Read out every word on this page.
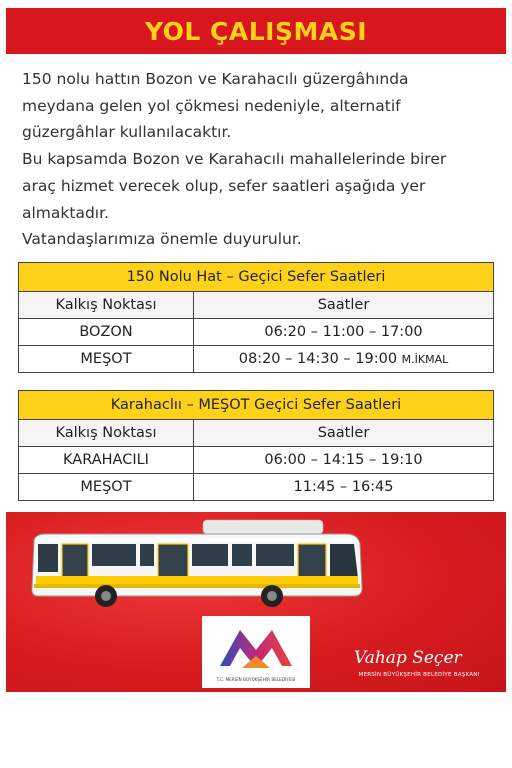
YOL ÇALIŞMASI

150 nolu hattın Bozon ve Karahacılı güzergâhında

meydana gelen yol çökmesi nedeniyle, alternatif

güzergâhlar kullanılacaktır.

Bu kapsamda Bozon ve Karahacılı mahallelerinde birer

araç hizmet verecek olup, sefer saatleri aşağıda yer

almaktadır.

Vatandaşlarımıza önemle duyurulur.

150 Nolu Hat – Geçici Sefer Saatleri	
Kalkış Noktası	Saatler
BOZON	06:20 – 11:00 – 17:00
MEŞOT	08:20 – 14:30 – 19:00 M.İKMAL
Karahaclıı – MEŞOT Geçici Sefer Saatleri	
Kalkış Noktası	Saatler
KARAHACILI	06:00 – 14:15 – 19:10
MEŞOT	11:45 – 16:45
T.C. MERSİN BÜYÜKŞEHİR BELEDİYESİ
Vahap Seçer
MERSİN BÜYÜKŞEHİR BELEDİYE BAŞKANI
